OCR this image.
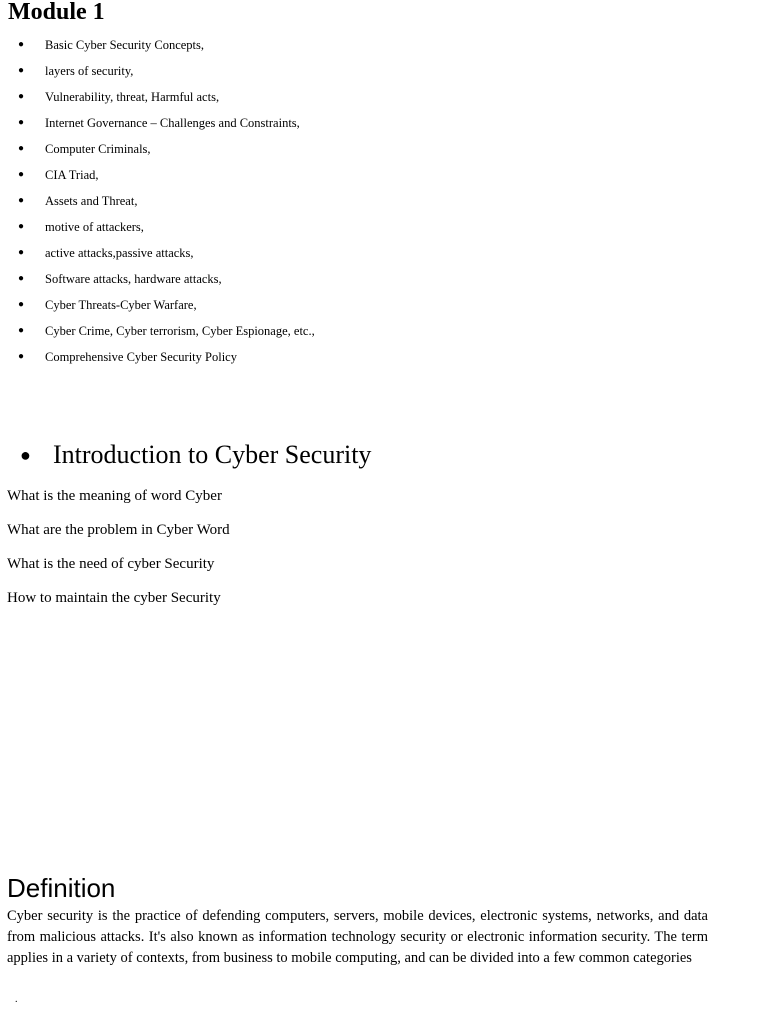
Module 1
● Basic Cyber Security Concepts,
● layers of security,
● Vulnerability, threat, Harmful acts,
● Internet Governance – Challenges and Constraints,
● Computer Criminals,
● CIA Triad,
● Assets and Threat,
● motive of attackers,
● active attacks,passive attacks,
● Software attacks, hardware attacks,
● Cyber Threats-Cyber Warfare,
● Cyber Crime, Cyber terrorism, Cyber Espionage, etc.,
● Comprehensive Cyber Security Policy
● Introduction to Cyber Security

What is the meaning of word Cyber

What are the problem in Cyber Word

What is the need of cyber Security

How to maintain the cyber Security

Definition

Cyber security is the practice of defending computers, servers, mobile devices, electronic systems, networks, and data from malicious attacks. It's also known as information technology security or electronic information security. The term applies in a variety of contexts, from business to mobile computing, and can be divided into a few common categories

.
